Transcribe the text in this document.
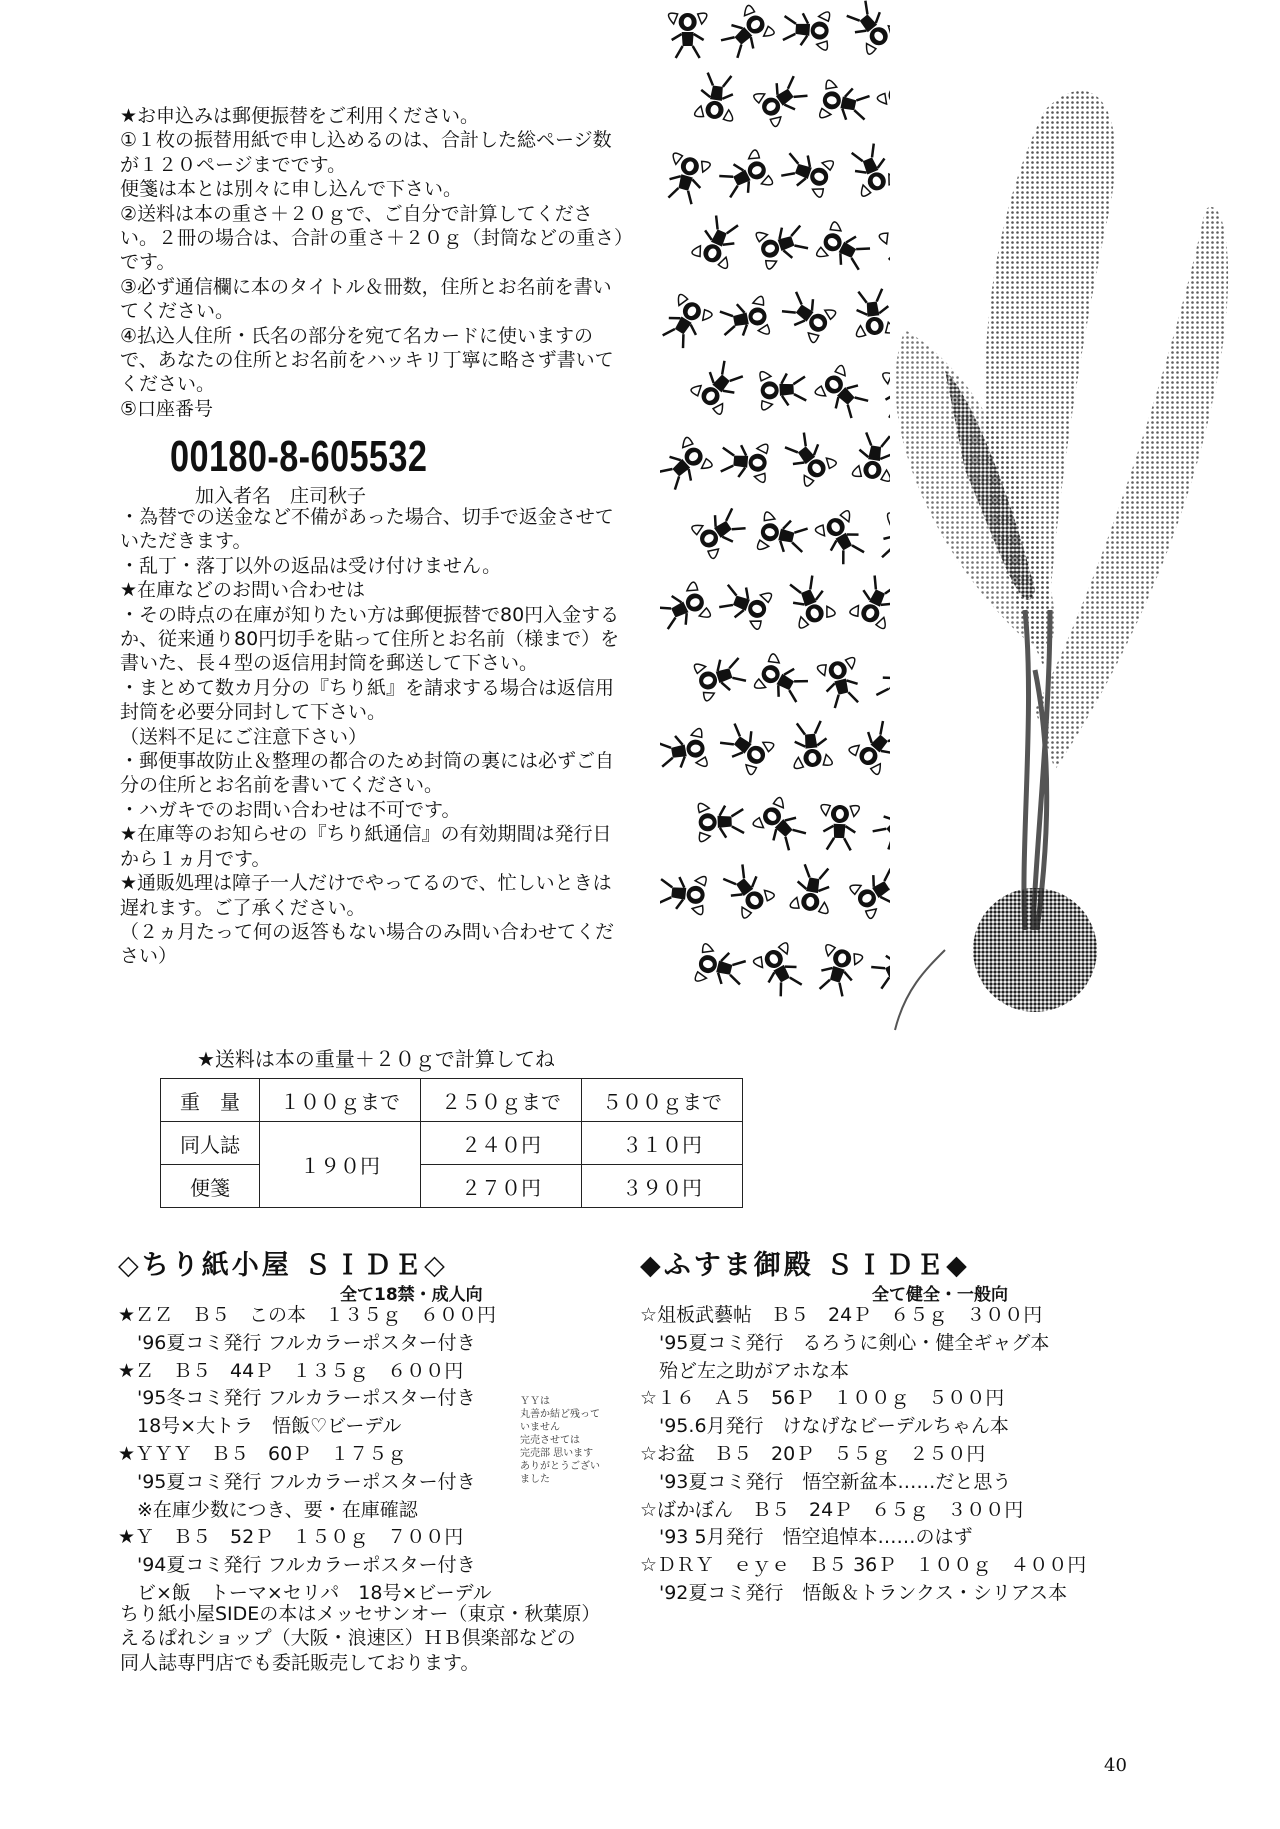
★お申込みは郵便振替をご利用ください。

①１枚の振替用紙で申し込めるのは、合計した総ページ数が１２０ページまでです。

便箋は本とは別々に申し込んで下さい。

②送料は本の重さ＋２０ｇで、ご自分で計算してください。２冊の場合は、合計の重さ＋２０ｇ（封筒などの重さ）です。

③必ず通信欄に本のタイトル＆冊数，住所とお名前を書いてください。

④払込人住所・氏名の部分を宛て名カードに使いますので、あなたの住所とお名前をハッキリ丁寧に略さず書いてください。

⑤口座番号

00180-8-605532
加入者名　庄司秋子

・為替での送金など不備があった場合、切手で返金させていただきます。

・乱丁・落丁以外の返品は受け付けません。

★在庫などのお問い合わせは

・その時点の在庫が知りたい方は郵便振替で80円入金するか、従来通り80円切手を貼って住所とお名前（様まで）を書いた、長４型の返信用封筒を郵送して下さい。

・まとめて数カ月分の『ちり紙』を請求する場合は返信用封筒を必要分同封して下さい。

（送料不足にご注意下さい）

・郵便事故防止＆整理の都合のため封筒の裏には必ずご自分の住所とお名前を書いてください。

・ハガキでのお問い合わせは不可です。

★在庫等のお知らせの『ちり紙通信』の有効期間は発行日から１ヵ月です。

★通販処理は障子一人だけでやってるので、忙しいときは遅れます。ご了承ください。

（２ヵ月たって何の返答もない場合のみ問い合わせてください）

★送料は本の重量＋２０ｇで計算してね
重　量	１００ｇまで	２５０ｇまで	５００ｇまで
同人誌	１９０円	２４０円	３１０円
便箋		２７０円	３９０円
◇ちり紙小屋 ＳＩＤＥ◇
全て18禁・成人向

★ＺＺ　Ｂ５　この本　１３５ｇ　６００円

　'96夏コミ発行 フルカラーポスター付き

★Ｚ　Ｂ５　44Ｐ　１３５ｇ　６００円

　'95冬コミ発行 フルカラーポスター付き

　18号×大トラ　悟飯♡ビーデル

★ＹＹＹ　Ｂ５　60Ｐ　１７５ｇ

　'95夏コミ発行 フルカラーポスター付き

　※在庫少数につき、要・在庫確認

★Ｙ　Ｂ５　52Ｐ　１５０ｇ　７００円

　'94夏コミ発行 フルカラーポスター付き

　ビ×飯　トーマ×セリパ　18号×ビーデル

ＹＹは
丸善か結ど残って
いません
完売させては
完売部 思います
ありがとうござい
ました
◆ふすま御殿 ＳＩＤＥ◆
全て健全・一般向

☆俎板武藝帖　Ｂ５　24Ｐ　６５ｇ　３００円

　'95夏コミ発行　るろうに剣心・健全ギャグ本

　殆ど左之助がアホな本

☆１６　Ａ５　56Ｐ　１００ｇ　５００円

　'95.6月発行　けなげなビーデルちゃん本

☆お盆　Ｂ５　20Ｐ　５５ｇ　２５０円

　'93夏コミ発行　悟空新盆本……だと思う

☆ばかぼん　Ｂ５　24Ｐ　６５ｇ　３００円

　'93 5月発行　悟空追悼本……のはず

☆ＤＲＹ　ｅｙｅ　Ｂ５ 36Ｐ　１００ｇ　４００円

　'92夏コミ発行　悟飯＆トランクス・シリアス本

ちり紙小屋SIDEの本はメッセサンオー（東京・秋葉原）

えるぱれショップ（大阪・浪速区）ＨＢ倶楽部などの

同人誌専門店でも委託販売しております。

40
